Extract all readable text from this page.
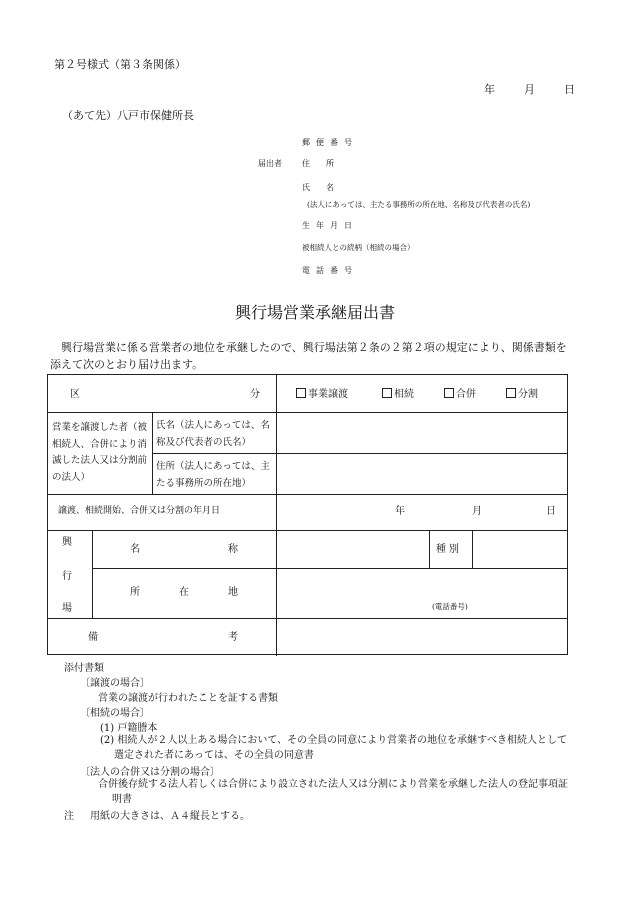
第２号様式（第３条関係）
年	月	日
（あて先）八戸市保健所長
郵便番号
届出者	住　　所
氏　　名
(法人にあっては、主たる事務所の所在地、名称及び代表者の氏名)
生年月日
被相続人との続柄（相続の場合）
電話番号
興行場営業承継届出書
　興行場営業に係る営業者の地位を承継したので、興行場法第２条の２第２項の規定により、関係書類を添えて次のとおり届け出ます。
区	分	事業譲渡	相続	合併	分割
営業を譲渡した者（被相続人、合併により消滅した法人又は分割前の法人）
氏名（法人にあっては、名称及び代表者の氏名）
住所（法人にあっては、主たる事務所の所在地）
譲渡、相続開始、合併又は分割の年月日	年	月	日
興
行
場
名	称	種別
所	在	地
(電話番号)
備	考
添付書類
〔譲渡の場合〕
営業の譲渡が行われたことを証する書類
〔相続の場合〕
(1) 戸籍謄本
(2) 相続人が２人以上ある場合において、その全員の同意により営業者の地位を承継すべき相続人として選定された者にあっては、その全員の同意書
〔法人の合併又は分割の場合〕
合併後存続する法人若しくは合併により設立された法人又は分割により営業を承継した法人の登記事項証明書
注 用紙の大きさは、Ａ４縦長とする。
